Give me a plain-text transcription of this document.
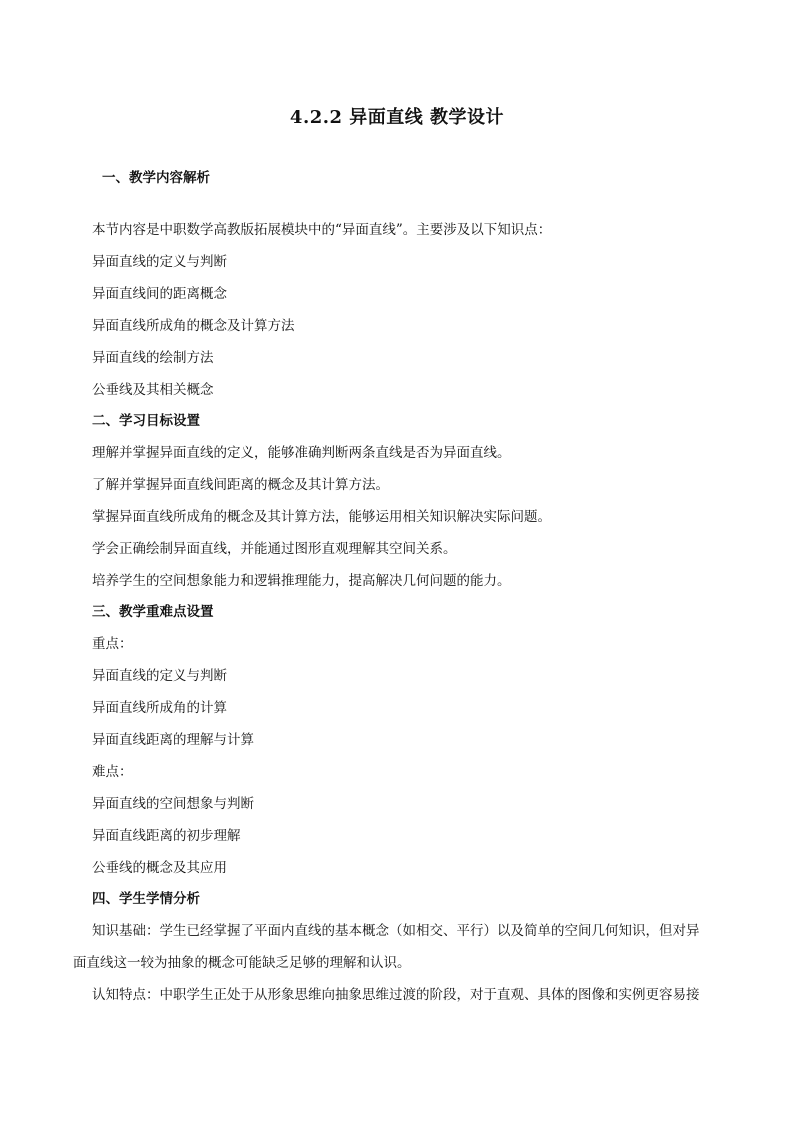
4.2.2 异面直线 教学设计
一、教学内容解析
本节内容是中职数学高教版拓展模块中的“异面直线”。主要涉及以下知识点：
异面直线的定义与判断
异面直线间的距离概念
异面直线所成角的概念及计算方法
异面直线的绘制方法
公垂线及其相关概念
二、学习目标设置
理解并掌握异面直线的定义，能够准确判断两条直线是否为异面直线。
了解并掌握异面直线间距离的概念及其计算方法。
掌握异面直线所成角的概念及其计算方法，能够运用相关知识解决实际问题。
学会正确绘制异面直线，并能通过图形直观理解其空间关系。
培养学生的空间想象能力和逻辑推理能力，提高解决几何问题的能力。
三、教学重难点设置
重点：
异面直线的定义与判断
异面直线所成角的计算
异面直线距离的理解与计算
难点：
异面直线的空间想象与判断
异面直线距离的初步理解
公垂线的概念及其应用
四、学生学情分析
知识基础：学生已经掌握了平面内直线的基本概念（如相交、平行）以及简单的空间几何知识，但对异
面直线这一较为抽象的概念可能缺乏足够的理解和认识。
认知特点：中职学生正处于从形象思维向抽象思维过渡的阶段，对于直观、具体的图像和实例更容易接
